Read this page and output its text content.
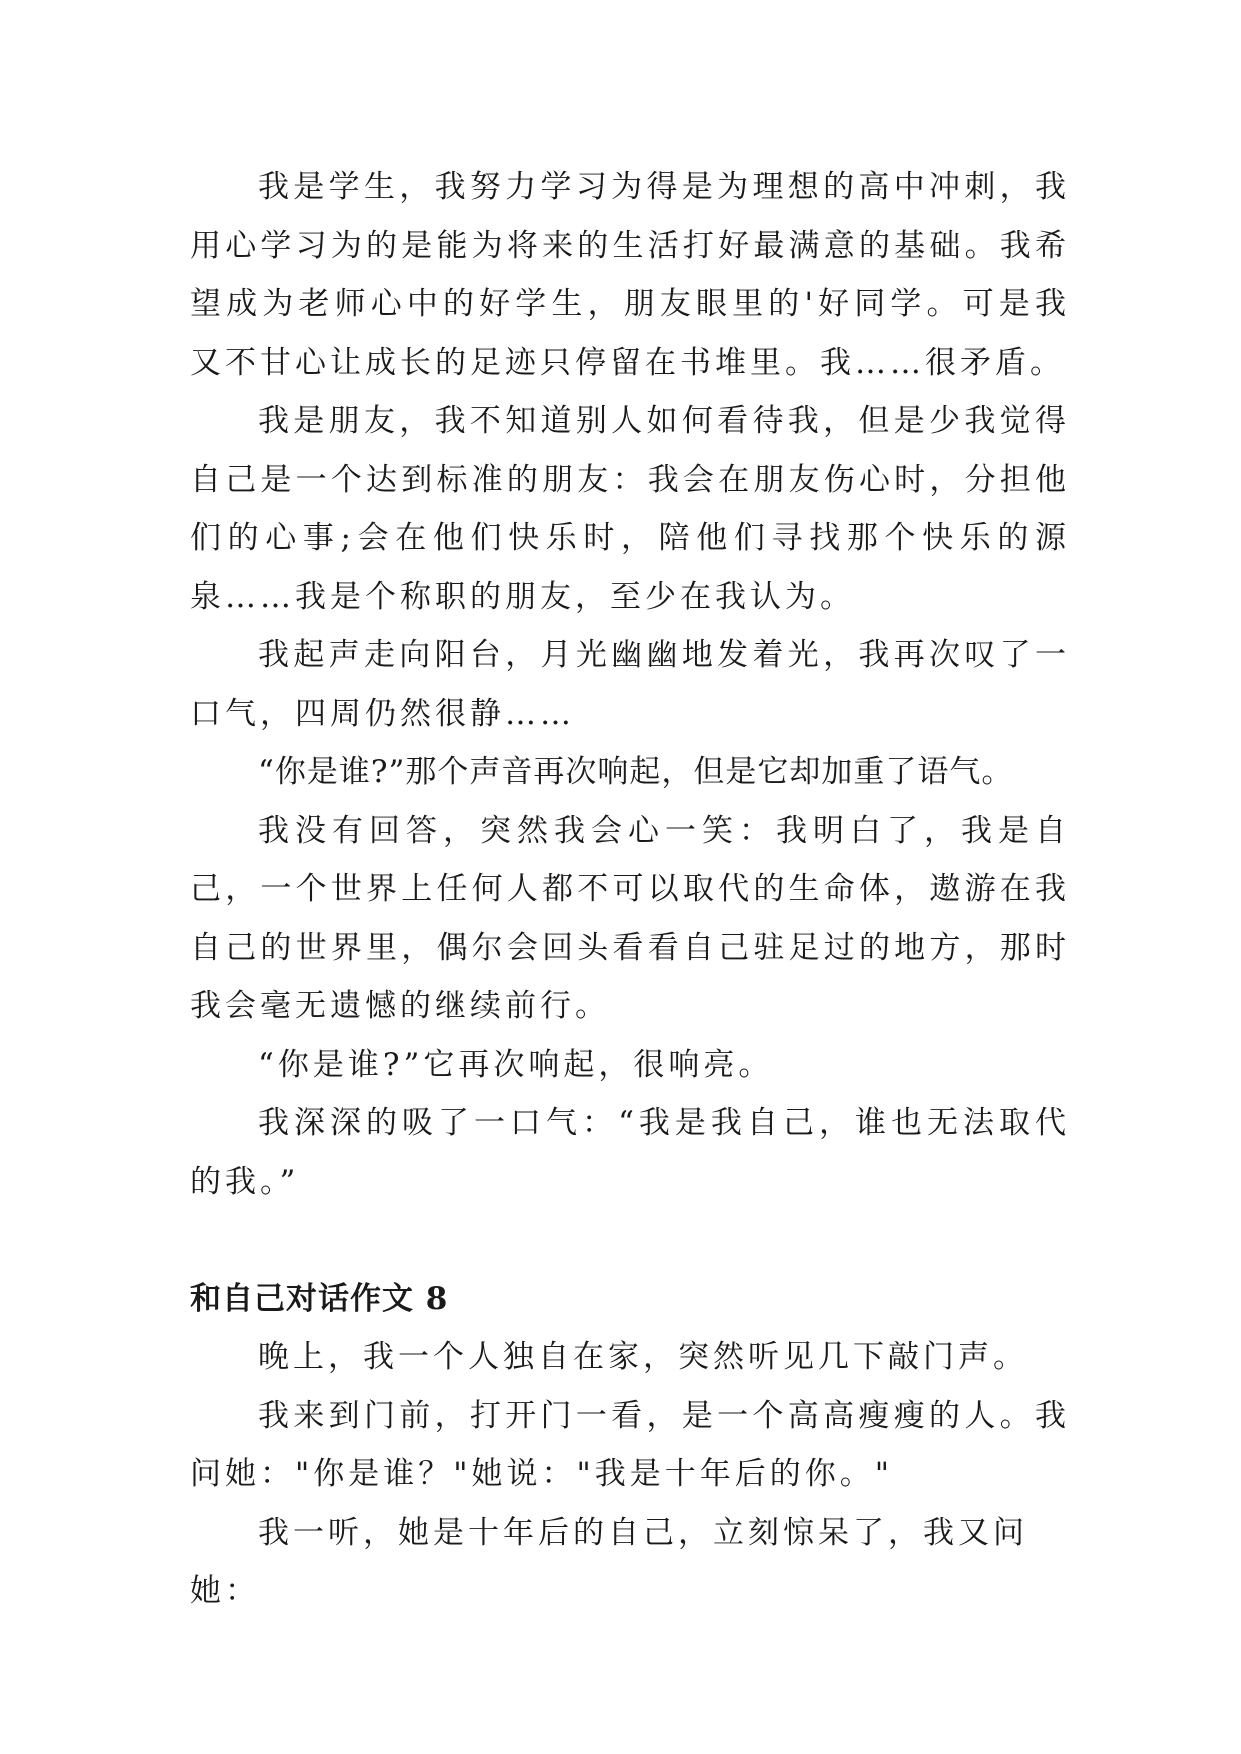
我是学生，我努力学习为得是为理想的高中冲刺，我用心学习为的是能为将来的生活打好最满意的基础。我希望成为老师心中的好学生，朋友眼里的'好同学。可是我又不甘心让成长的足迹只停留在书堆里。我……很矛盾。

我是朋友，我不知道别人如何看待我，但是少我觉得自己是一个达到标准的朋友：我会在朋友伤心时，分担他们的心事;会在他们快乐时，陪他们寻找那个快乐的源泉……我是个称职的朋友，至少在我认为。

我起声走向阳台，月光幽幽地发着光，我再次叹了一口气，四周仍然很静……

“你是谁?”那个声音再次响起，但是它却加重了语气。

我没有回答，突然我会心一笑：我明白了，我是自己，一个世界上任何人都不可以取代的生命体，遨游在我自己的世界里，偶尔会回头看看自己驻足过的地方，那时我会毫无遗憾的继续前行。

“你是谁?”它再次响起，很响亮。

我深深的吸了一口气：“我是我自己，谁也无法取代的我。”

和自己对话作文 8

晚上，我一个人独自在家，突然听见几下敲门声。

我来到门前，打开门一看，是一个高高瘦瘦的人。我问她："你是谁？"她说："我是十年后的你。"

我一听，她是十年后的自己，立刻惊呆了，我又问她：
